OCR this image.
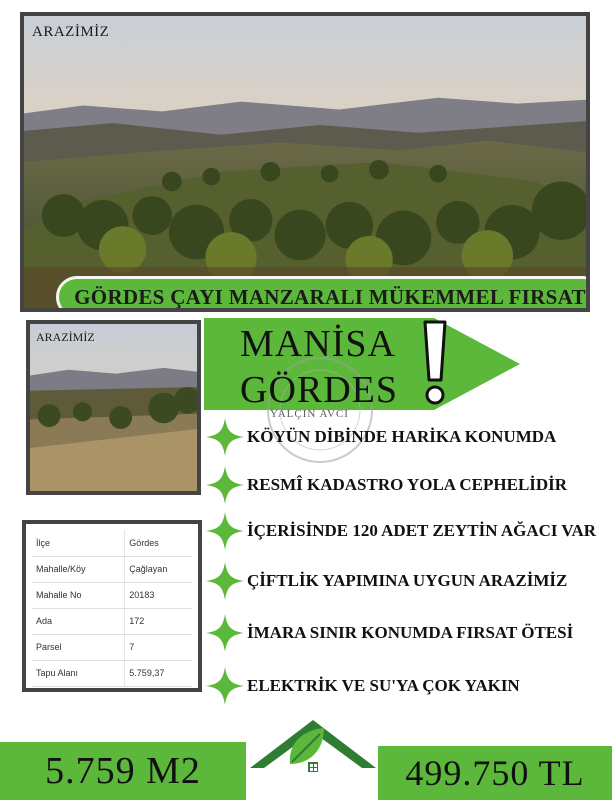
ARAZİMİZ
GÖRDES ÇAYI MANZARALI MÜKEMMEL FIRSAT
ARAZİMİZ	MANİSA
GÖRDES
YALÇIN AVCI
KÖYÜN DİBİNDE HARİKA KONUMDA
RESMÎ KADASTRO YOLA CEPHELİDİR
İÇERİSİNDE 120 ADET ZEYTİN AĞACI VAR
ÇİFTLİK YAPIMINA UYGUN ARAZİMİZ
İMARA SINIR KONUMDA FIRSAT ÖTESİ
ELEKTRİK VE SU'YA ÇOK YAKIN
İlçe	Gördes
Mahalle/Köy	Çağlayan
Mahalle No	20183
Ada	172
Parsel	7
Tapu Alanı	5.759,37
5.759 M2	499.750 TL
